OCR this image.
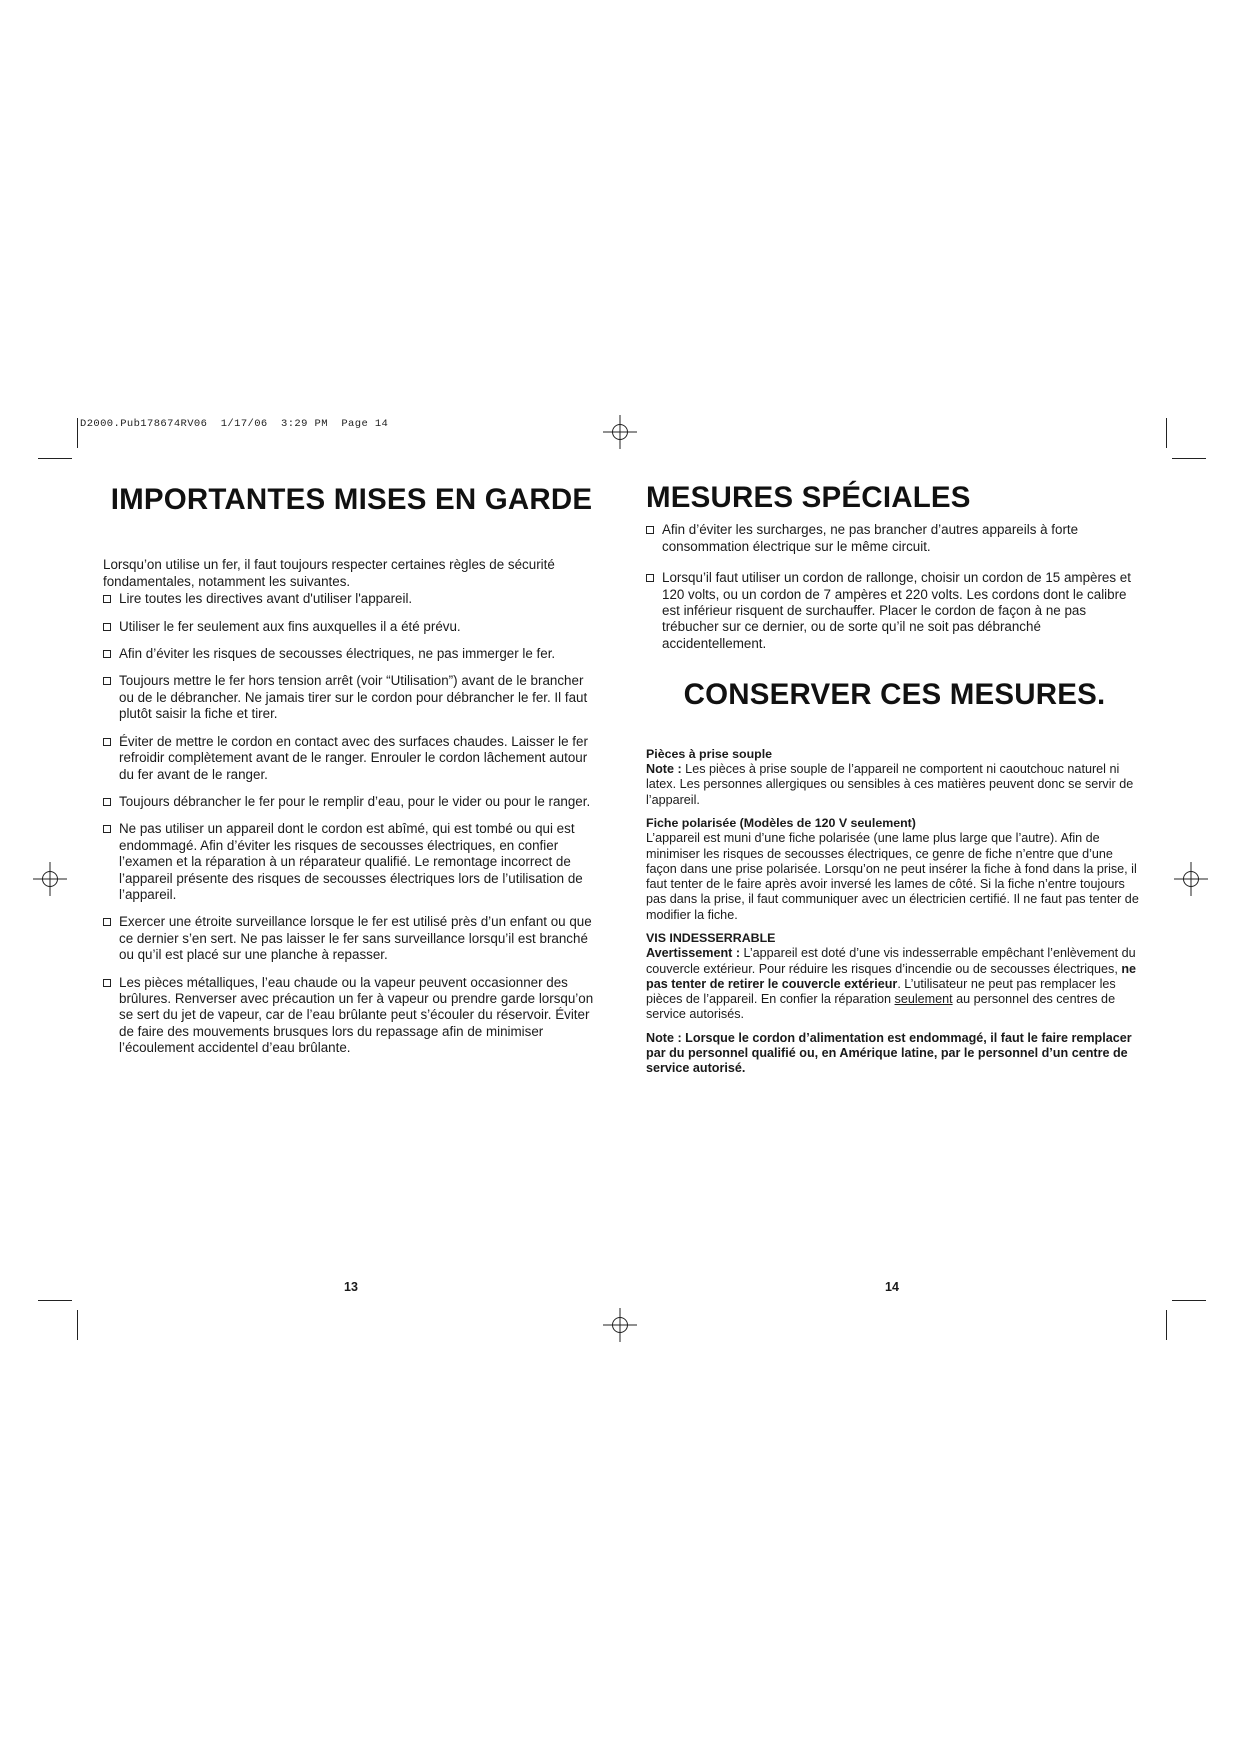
D2000.Pub178674RV06  1/17/06  3:29 PM  Page 14
IMPORTANTES MISES EN GARDE

Lorsqu’on utilise un fer, il faut toujours respecter certaines règles de sécurité fondamentales, notamment les suivantes.

Lire toutes les directives avant d'utiliser l'appareil.

Utiliser le fer seulement aux fins auxquelles il a été prévu.

Afin d’éviter les risques de secousses électriques, ne pas immerger le fer.

Toujours mettre le fer hors tension arrêt (voir “Utilisation”) avant de le brancher ou de le débrancher. Ne jamais tirer sur le cordon pour débrancher le fer. Il faut plutôt saisir la fiche et tirer.

Éviter de mettre le cordon en contact avec des surfaces chaudes. Laisser le fer refroidir complètement avant de le ranger. Enrouler le cordon lâchement autour du fer avant de le ranger.

Toujours débrancher le fer pour le remplir d’eau, pour le vider ou pour le ranger.

Ne pas utiliser un appareil dont le cordon est abîmé, qui est tombé ou qui est endommagé. Afin d’éviter les risques de secousses électriques, en confier l’examen et la réparation à un réparateur qualifié. Le remontage incorrect de l’appareil présente des risques de secousses électriques lors de l’utilisation de l’appareil.

Exercer une étroite surveillance lorsque le fer est utilisé près d’un enfant ou que ce dernier s’en sert. Ne pas laisser le fer sans surveillance lorsqu’il est branché ou qu’il est placé sur une planche à repasser.

Les pièces métalliques, l’eau chaude ou la vapeur peuvent occasionner des brûlures. Renverser avec précaution un fer à vapeur ou prendre garde lorsqu’on se sert du jet de vapeur, car de l’eau brûlante peut s’écouler du réservoir. Éviter de faire des mouvements brusques lors du repassage afin de minimiser l’écoulement accidentel d’eau brûlante.

13
MESURES SPÉCIALES

Afin d’éviter les surcharges, ne pas brancher d’autres appareils à forte consommation électrique sur le même circuit.

Lorsqu’il faut utiliser un cordon de rallonge, choisir un cordon de 15 ampères et 120 volts, ou un cordon de 7 ampères et 220 volts. Les cordons dont le calibre est inférieur risquent de surchauffer. Placer le cordon de façon à ne pas trébucher sur ce dernier, ou de sorte qu’il ne soit pas débranché accidentellement.

CONSERVER CES MESURES.
Pièces à prise souple

Note : Les pièces à prise souple de l’appareil ne comportent ni caoutchouc naturel ni latex. Les personnes allergiques ou sensibles à ces matières peuvent donc se servir de l’appareil.

Fiche polarisée (Modèles de 120 V seulement)

L’appareil est muni d’une fiche polarisée (une lame plus large que l’autre). Afin de minimiser les risques de secousses électriques, ce genre de fiche n’entre que d’une façon dans une prise polarisée. Lorsqu’on ne peut insérer la fiche à fond dans la prise, il faut tenter de le faire après avoir inversé les lames de côté. Si la fiche n’entre toujours pas dans la prise, il faut communiquer avec un électricien certifié. Il ne faut pas tenter de modifier la fiche.

VIS INDESSERRABLE

Avertissement : L’appareil est doté d’une vis indesserrable empêchant l’enlèvement du couvercle extérieur. Pour réduire les risques d’incendie ou de secousses électriques, ne pas tenter de retirer le couvercle extérieur. L’utilisateur ne peut pas remplacer les pièces de l’appareil. En confier la réparation seulement au personnel des centres de service autorisés.

Note : Lorsque le cordon d’alimentation est endommagé, il faut le faire remplacer par du personnel qualifié ou, en Amérique latine, par le personnel d’un centre de service autorisé.

14
